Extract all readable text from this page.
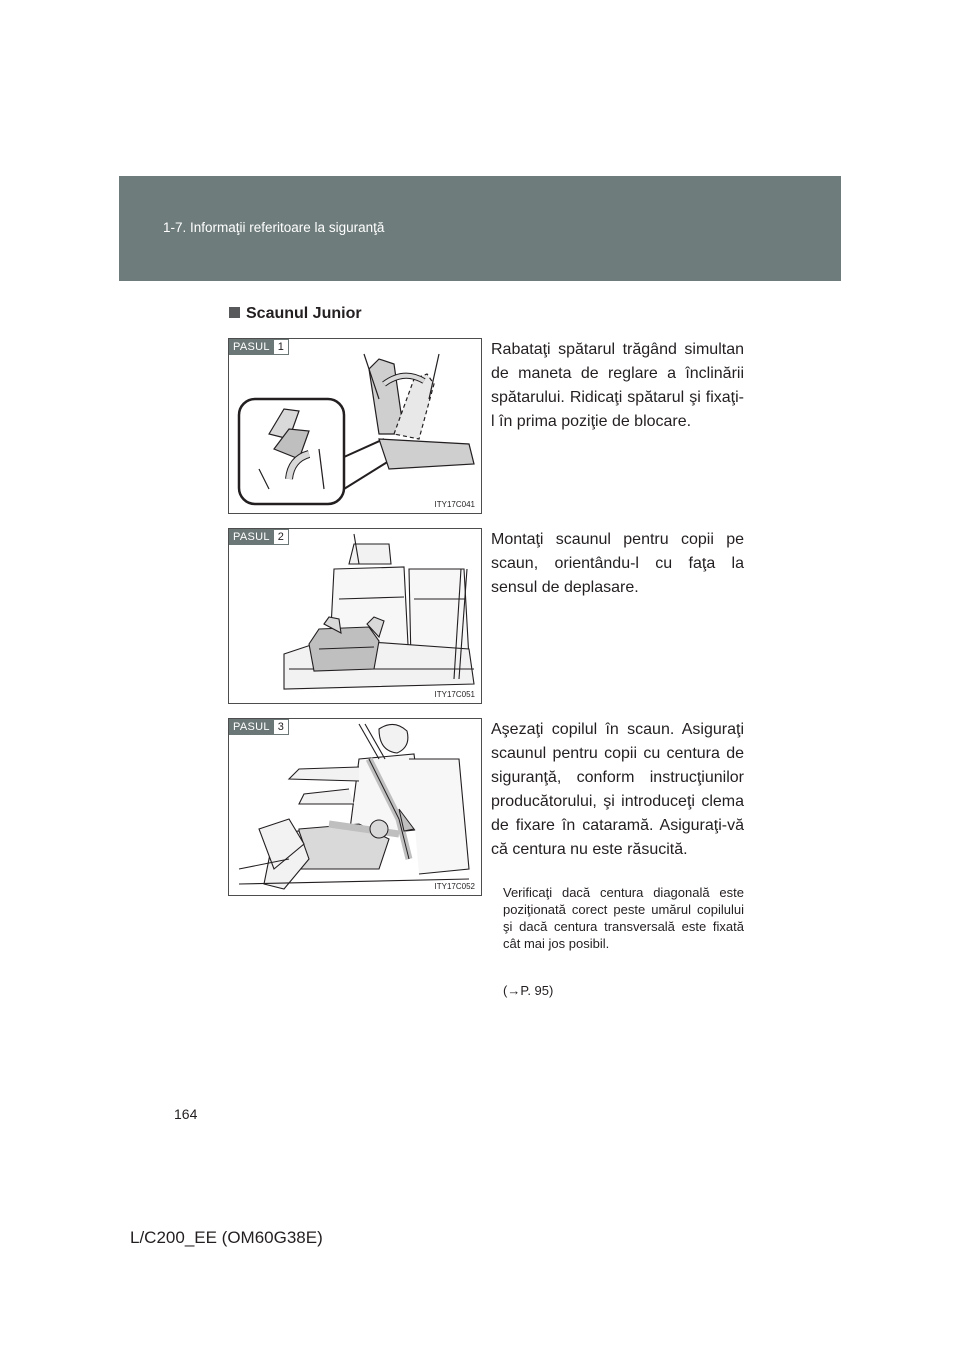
1-7. Informaţii referitoare la siguranţă
Scaunul Junior
PASUL 1
ITY17C041

Rabataţi spătarul trăgând simultan de maneta de reglare a înclinării spătarului. Ridicaţi spătarul şi fixaţi-l în prima poziţie de blocare.

PASUL 2
ITY17C051

Montaţi scaunul pentru copii pe scaun, orientându-l cu faţa la sensul de deplasare.

PASUL 3
ITY17C052

Aşezaţi copilul în scaun. Asiguraţi scaunul pentru copii cu centura de siguranţă, conform instrucţiunilor producătorului, şi introduceţi clema de fixare în cataramă. Asiguraţi-vă că centura nu este răsucită.

Verificaţi dacă centura diagonală este poziţionată corect peste umărul copilului şi dacă centura transversală este fixată cât mai jos posibil.

(→P. 95)
164
L/C200_EE (OM60G38E)
